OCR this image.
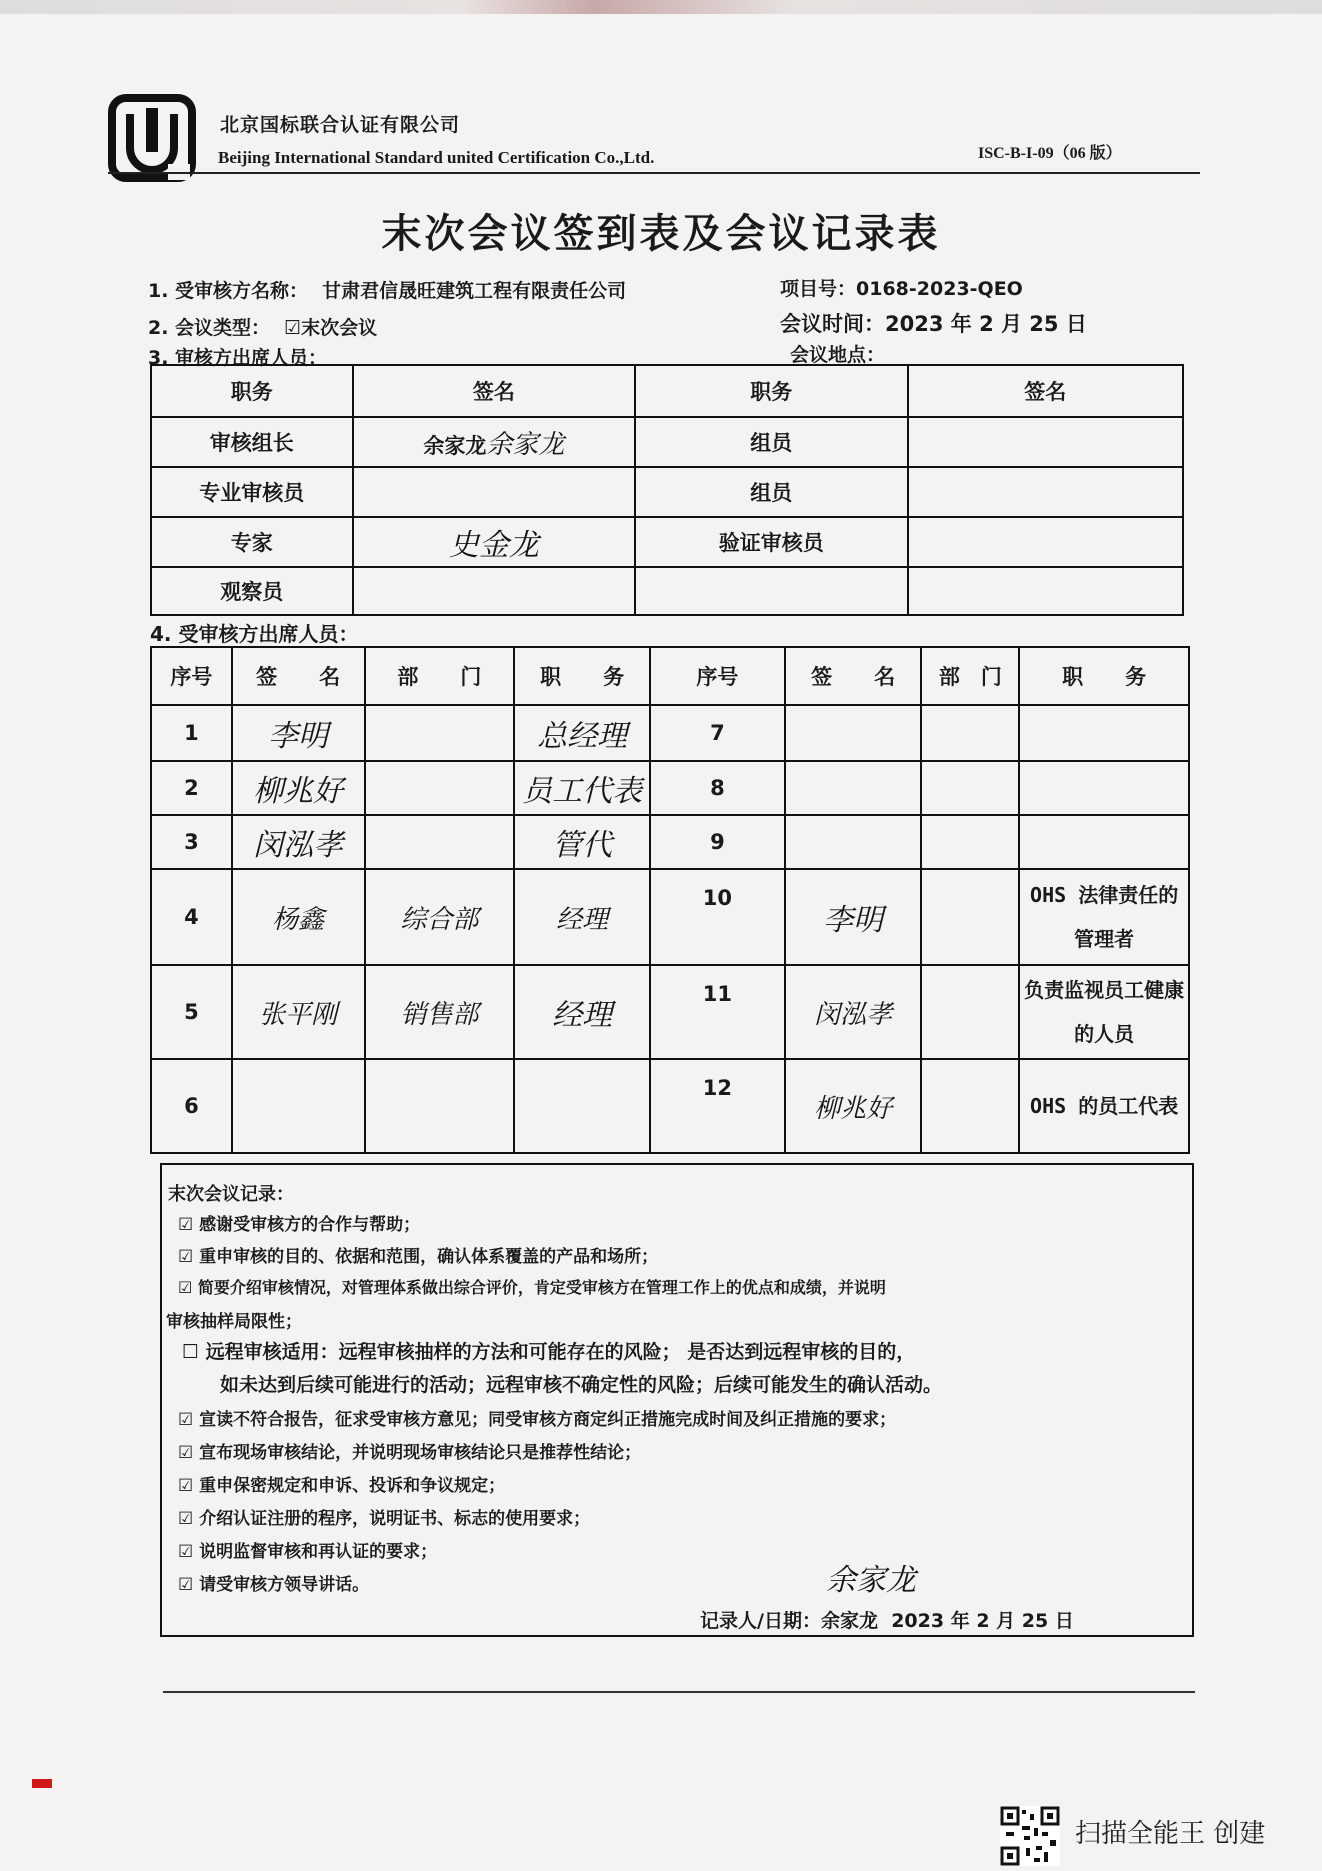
北京国标联合认证有限公司
Beijing International Standard united Certification Co.,Ltd.	ISC-B-I-09（06 版）
末次会议签到表及会议记录表
1. 受审核方名称： 甘肃君信晟旺建筑工程有限责任公司	项目号：0168-2023-QEO
2. 会议类型： ☑末次会议	会议时间：2023 年 2 月 25 日
3. 审核方出席人员：	会议地点：
职务	签名	职务	签名
审核组长	余家龙余家龙	组员	
专业审核员		组员	
专家	史金龙	验证审核员	
观察员			
4. 受审核方出席人员：
序号	签　　名	部　　门	职　　务	序号	签　　名	部　门	职　　务
1	李明		总经理	7			
2	柳兆好		员工代表	8			
3	闵泓孝		管代	9			
4	杨鑫	综合部	经理	10	李明		OHS 法律责任的管理者
5	张平刚	销售部	经理	11	闵泓孝		负责监视员工健康的人员
6				12	柳兆好		OHS 的员工代表
末次会议记录：
☑ 感谢受审核方的合作与帮助；
☑ 重申审核的目的、依据和范围，确认体系覆盖的产品和场所；
☑ 简要介绍审核情况，对管理体系做出综合评价，肯定受审核方在管理工作上的优点和成绩，并说明
审核抽样局限性；
☐ 远程审核适用：远程审核抽样的方法和可能存在的风险； 是否达到远程审核的目的，
如未达到后续可能进行的活动；远程审核不确定性的风险；后续可能发生的确认活动。
☑ 宣读不符合报告，征求受审核方意见；同受审核方商定纠正措施完成时间及纠正措施的要求；
☑ 宣布现场审核结论，并说明现场审核结论只是推荐性结论；
☑ 重申保密规定和申诉、投诉和争议规定；
☑ 介绍认证注册的程序，说明证书、标志的使用要求；
☑ 说明监督审核和再认证的要求；
☑ 请受审核方领导讲话。	余家龙
记录人/日期：余家龙 2023 年 2 月 25 日
扫描全能王 创建
